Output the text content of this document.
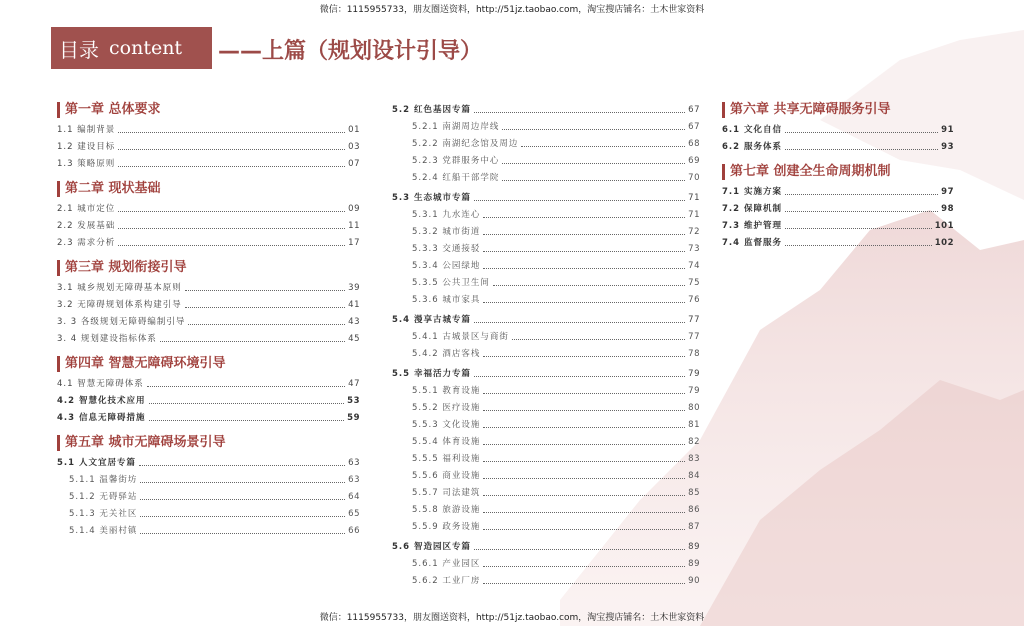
微信：1115955733，朋友圈送资料，http://51jz.taobao.com，淘宝搜店铺名：土木世家资料
目录 content ——上篇（规划设计引导）
第一章 总体要求
1.1 编制背景	01
1.2 建设目标	03
1.3 策略原则	07
第二章 现状基础
2.1 城市定位	09
2.2 发展基础	11
2.3 需求分析	17
第三章 规划衔接引导
3.1 城乡规划无障碍基本原则	39
3.2 无障碍规划体系构建引导	41
3. 3 各级规划无障碍编制引导	43
3. 4 规划建设指标体系	45
第四章 智慧无障碍环境引导
4.1 智慧无障碍体系	47
4.2 智慧化技术应用	53
4.3 信息无障碍措施	59
第五章 城市无障碍场景引导
5.1 人文宜居专篇	63
5.1.1 温馨街坊	63
5.1.2 无碍驿站	64
5.1.3 无关社区	65
5.1.4 美丽村镇	66
5.2 红色基因专篇	67
5.2.1 南湖周边岸线	67
5.2.2 南湖纪念馆及周边	68
5.2.3 党群服务中心	69
5.2.4 红船干部学院	70
5.3 生态城市专篇	71
5.3.1 九水连心	71
5.3.2 城市街道	72
5.3.3 交通接驳	73
5.3.4 公园绿地	74
5.3.5 公共卫生间	75
5.3.6 城市家具	76
5.4 漫享古城专篇	77
5.4.1 古城景区与商街	77
5.4.2 酒店客栈	78
5.5 幸福活力专篇	79
5.5.1 教育设施	79
5.5.2 医疗设施	80
5.5.3 文化设施	81
5.5.4 体育设施	82
5.5.5 福利设施	83
5.5.6 商业设施	84
5.5.7 司法建筑	85
5.5.8 旅游设施	86
5.5.9 政务设施	87
5.6 智造园区专篇	89
5.6.1 产业园区	89
5.6.2 工业厂房	90
第六章 共享无障碍服务引导
6.1 文化自信	91
6.2 服务体系	93
第七章 创建全生命周期机制
7.1 实施方案	97
7.2 保障机制	98
7.3 维护管理	101
7.4 监督服务	102
微信：1115955733，朋友圈送资料，http://51jz.taobao.com，淘宝搜店铺名：土木世家资料
